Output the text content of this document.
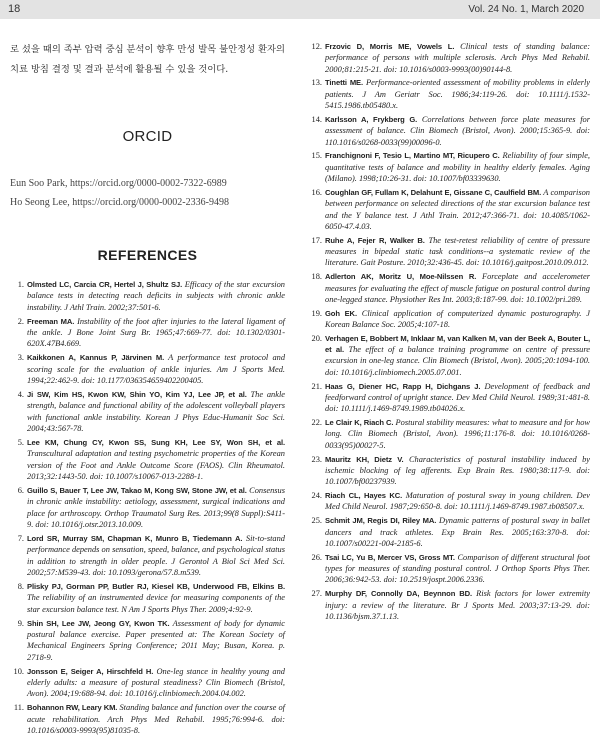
18	Vol. 24 No. 1, March 2020

로 섰을 때의 족부 압력 중심 분석이 향후 만성 발목 불안정성 환자의 치료 방침 결정 및 결과 분석에 활용될 수 있을 것이다.

ORCID
Eun Soo Park, https://orcid.org/0000-0002-7322-6989
Ho Seong Lee, https://orcid.org/0000-0002-2336-9498
REFERENCES
1. Olmsted LC, Carcia CR, Hertel J, Shultz SJ. Efficacy of the star excursion balance tests in detecting reach deficits in subjects with chronic ankle instability. J Athl Train. 2002;37:501-6.
2. Freeman MA. Instability of the foot after injuries to the lateral ligament of the ankle. J Bone Joint Surg Br. 1965;47:669-77. doi: 10.1302/0301-620X.47B4.669.
3. Kaikkonen A, Kannus P, Järvinen M. A performance test protocol and scoring scale for the evaluation of ankle injuries. Am J Sports Med. 1994;22:462-9. doi: 10.1177/036354659402200405.
4. Ji SW, Kim HS, Kwon KW, Shin YO, Kim YJ, Lee JP, et al. The ankle strength, balance and functional ability of the adolescent volleyball players with functional ankle instability. Korean J Phys Educ-Humanit Soc Sci. 2004;43:567-78.
5. Lee KM, Chung CY, Kwon SS, Sung KH, Lee SY, Won SH, et al. Transcultural adaptation and testing psychometric properties of the Korean version of the Foot and Ankle Outcome Score (FAOS). Clin Rheumatol. 2013;32:1443-50. doi: 10.1007/s10067-013-2288-1.
6. Guillo S, Bauer T, Lee JW, Takao M, Kong SW, Stone JW, et al. Consensus in chronic ankle instability: aetiology, assessment, surgical indications and place for arthroscopy. Orthop Traumatol Surg Res. 2013;99(8 Suppl):S411-9. doi: 10.1016/j.otsr.2013.10.009.
7. Lord SR, Murray SM, Chapman K, Munro B, Tiedemann A. Sit-to-stand performance depends on sensation, speed, balance, and psychological status in addition to strength in older people. J Gerontol A Biol Sci Med Sci. 2002;57:M539-43. doi: 10.1093/gerona/57.8.m539.
8. Plisky PJ, Gorman PP, Butler RJ, Kiesel KB, Underwood FB, Elkins B. The reliability of an instrumented device for measuring components of the star excursion balance test. N Am J Sports Phys Ther. 2009;4:92-9.
9. Shin SH, Lee JW, Jeong GY, Kwon TK. Assessment of body for dynamic postural balance exercise. Paper presented at: The Korean Society of Mechanical Engineers Spring Conference; 2011 May; Busan, Korea. p. 2718-9.
10. Jonsson E, Seiger A, Hirschfeld H. One-leg stance in healthy young and elderly adults: a measure of postural steadiness? Clin Biomech (Bristol, Avon). 2004;19:688-94. doi: 10.1016/j.clinbiomech.2004.04.002.
11. Bohannon RW, Leary KM. Standing balance and function over the course of acute rehabilitation. Arch Phys Med Rehabil. 1995;76:994-6. doi: 10.1016/s0003-9993(95)81035-8.
12. Frzovic D, Morris ME, Vowels L. Clinical tests of standing balance: performance of persons with multiple sclerosis. Arch Phys Med Rehabil. 2000;81:215-21. doi: 10.1016/s0003-9993(00)90144-8.
13. Tinetti ME. Performance-oriented assessment of mobility problems in elderly patients. J Am Geriatr Soc. 1986;34:119-26. doi: 10.1111/j.1532-5415.1986.tb05480.x.
14. Karlsson A, Frykberg G. Correlations between force plate measures for assessment of balance. Clin Biomech (Bristol, Avon). 2000;15:365-9. doi: 110.1016/s0268-0033(99)00096-0.
15. Franchignoni F, Tesio L, Martino MT, Ricupero C. Reliability of four simple, quantitative tests of balance and mobility in healthy elderly females. Aging (Milano). 1998;10:26-31. doi: 10.1007/bf03339630.
16. Coughlan GF, Fullam K, Delahunt E, Gissane C, Caulfield BM. A comparison between performance on selected directions of the star excursion balance test and the Y balance test. J Athl Train. 2012;47:366-71. doi: 10.4085/1062-6050-47.4.03.
17. Ruhe A, Fejer R, Walker B. The test-retest reliability of centre of pressure measures in bipedal static task conditions--a systematic review of the literature. Gait Posture. 2010;32:436-45. doi: 10.1016/j.gaitpost.2010.09.012.
18. Adlerton AK, Moritz U, Moe-Nilssen R. Forceplate and accelerometer measures for evaluating the effect of muscle fatigue on postural control during one-legged stance. Physiother Res Int. 2003;8:187-99. doi: 10.1002/pri.289.
19. Goh EK. Clinical application of computerized dynamic posturography. J Korean Balance Soc. 2005;4:107-18.
20. Verhagen E, Bobbert M, Inklaar M, van Kalken M, van der Beek A, Bouter L, et al. The effect of a balance training programme on centre of pressure excursion in one-leg stance. Clin Biomech (Bristol, Avon). 2005;20:1094-100. doi: 10.1016/j.clinbiomech.2005.07.001.
21. Haas G, Diener HC, Rapp H, Dichgans J. Development of feedback and feedforward control of upright stance. Dev Med Child Neurol. 1989;31:481-8. doi: 10.1111/j.1469-8749.1989.tb04026.x.
22. Le Clair K, Riach C. Postural stability measures: what to measure and for how long. Clin Biomech (Bristol, Avon). 1996;11:176-8. doi: 10.1016/0268-0033(95)00027-5.
23. Mauritz KH, Dietz V. Characteristics of postural instability induced by ischemic blocking of leg afferents. Exp Brain Res. 1980;38:117-9. doi: 10.1007/bf00237939.
24. Riach CL, Hayes KC. Maturation of postural sway in young children. Dev Med Child Neurol. 1987;29:650-8. doi: 10.1111/j.1469-8749.1987.tb08507.x.
25. Schmit JM, Regis DI, Riley MA. Dynamic patterns of postural sway in ballet dancers and track athletes. Exp Brain Res. 2005;163:370-8. doi: 10.1007/s00221-004-2185-6.
26. Tsai LC, Yu B, Mercer VS, Gross MT. Comparison of different structural foot types for measures of standing postural control. J Orthop Sports Phys Ther. 2006;36:942-53. doi: 10.2519/jospt.2006.2336.
27. Murphy DF, Connolly DA, Beynnon BD. Risk factors for lower extremity injury: a review of the literature. Br J Sports Med. 2003;37:13-29. doi: 10.1136/bjsm.37.1.13.
